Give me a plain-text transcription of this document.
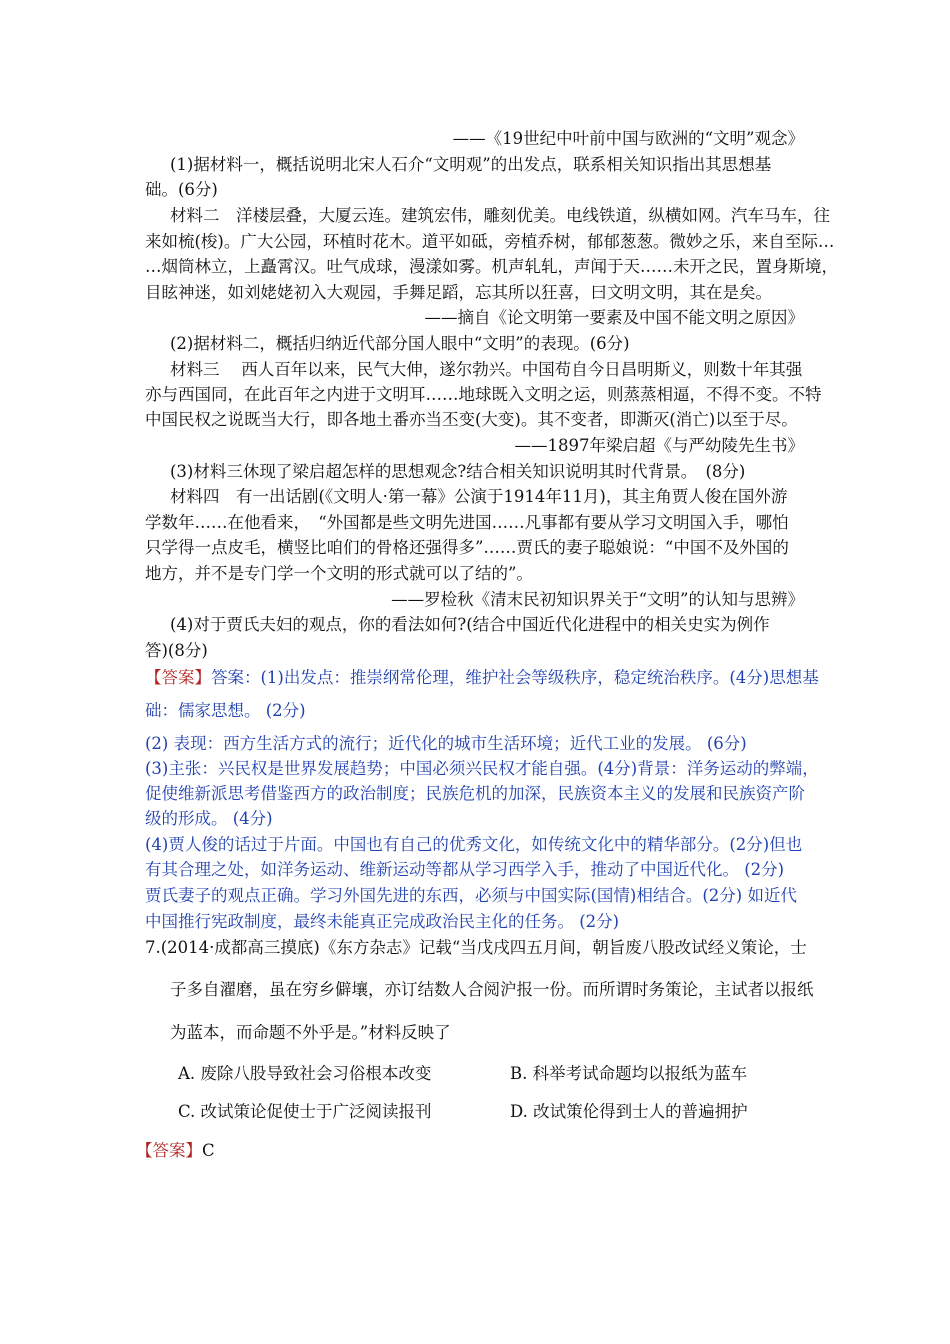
——《19世纪中叶前中国与欧洲的“文明”观念》
(1)据材料一，概括说明北宋人石介“文明观”的出发点，联系相关知识指出其思想基
础。(6分)
材料二　洋楼层叠，大厦云连。建筑宏伟，雕刻优美。电线铁道，纵横如网。汽车马车，往
来如梳(梭)。广大公园，环植时花木。道平如砥，旁植乔树，郁郁葱葱。微妙之乐，来自至际…
…烟筒林立，上矗霄汉。吐气成球，漫漾如雾。机声轧轧，声闻于天……未开之民，置身斯境，
目眩神迷，如刘姥姥初入大观园，手舞足蹈，忘其所以狂喜，曰文明文明，其在是矣。
——摘自《论文明第一要素及中国不能文明之原因》
(2)据材料二，概括归纳近代部分国人眼中“文明”的表现。(6分)
材料三　 西人百年以来，民气大伸，遂尔勃兴。中国苟自今日昌明斯义，则数十年其强
亦与西国同，在此百年之内进于文明耳……地球既入文明之运，则蒸蒸相逼，不得不变。不特
中国民权之说既当大行，即各地土番亦当丕变(大变)。其不变者，即澌灭(消亡)以至于尽。
——1897年梁启超《与严幼陵先生书》
(3)材料三休现了梁启超怎样的思想观念?结合相关知识说明其时代背景。　(8分)
材料四　有一出话剧(《文明人·第一幕》公演于1914年11月)，其主角贾人俊在国外游
学数年……在他看来，　“外国都是些文明先进国……凡事都有要从学习文明国入手，哪怕
只学得一点皮毛，横竖比咱们的骨格还强得多”……贾氏的妻子聪娘说：“中国不及外国的
地方，并不是专门学一个文明的形式就可以了结的”。
——罗检秋《清末民初知识界关于“文明”的认知与思辨》
(4)对于贾氏夫妇的观点，你的看法如何?(结合中国近代化进程中的相关史实为例作
答)(8分)
【答案】答案：(1)出发点：推崇纲常伦理，维护社会等级秩序，稳定统治秩序。(4分)思想基
础：儒家思想。 (2分)
(2) 表现：西方生活方式的流行；近代化的城市生活环境；近代工业的发展。 (6分)
(3)主张：兴民权是世界发展趋势；中国必须兴民权才能自强。(4分)背景：洋务运动的弊端，
促使维新派思考借鉴西方的政治制度；民族危机的加深，民族资本主义的发展和民族资产阶
级的形成。 (4分)
(4)贾人俊的话过于片面。中国也有自己的优秀文化，如传统文化中的精华部分。(2分)但也
有其合理之处，如洋务运动、维新运动等都从学习西学入手，推动了中国近代化。 (2分)
贾氏妻子的观点正确。学习外国先进的东西，必须与中国实际(国情)相结合。(2分) 如近代
中国推行宪政制度，最终未能真正完成政治民主化的任务。 (2分)
7.(2014·成都高三摸底)《东方杂志》记载“当戊戌四五月间，朝旨废八股改试经义策论，士
子多自濯磨，虽在穷乡僻壤，亦订结数人合阅沪报一份。而所谓时务策论，主试者以报纸
为蓝本，而命题不外乎是。”材料反映了
A. 废除八股导致社会习俗根本改变	B. 科举考试命题均以报纸为蓝车
C. 改试策论促使士于广泛阅读报刊	D. 改试策伦得到士人的普遍拥护
【答案】C
